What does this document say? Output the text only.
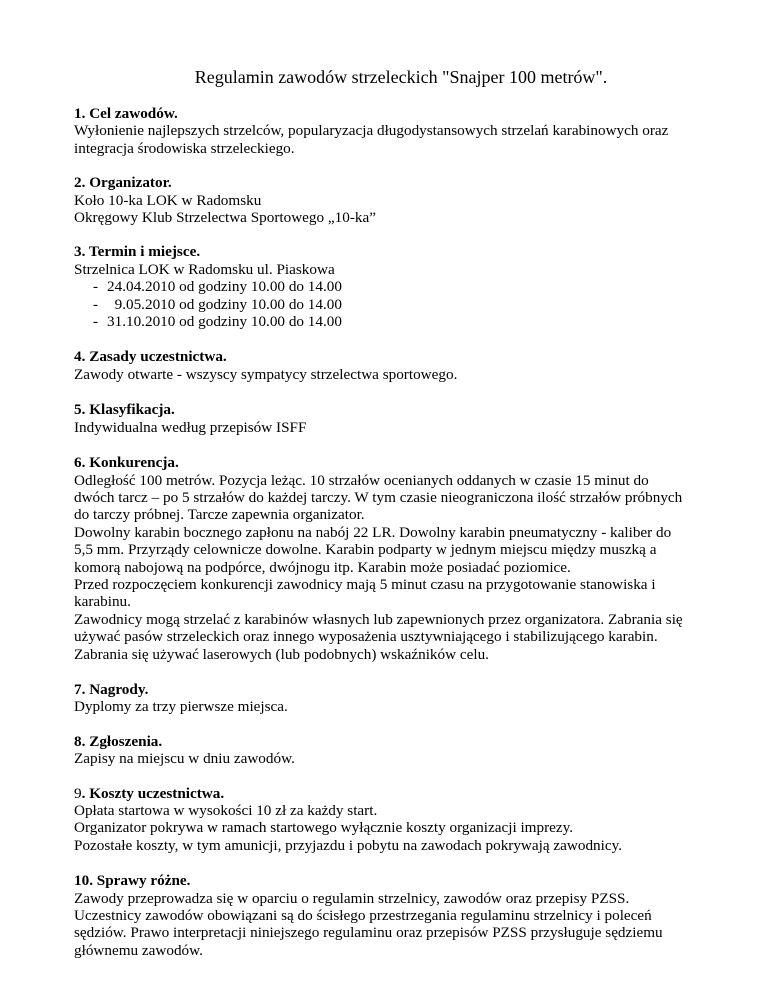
Regulamin zawodów strzeleckich "Snajper 100 metrów".

1. Cel zawodów.

Wyłonienie najlepszych strzelców, popularyzacja długodystansowych strzelań karabinowych oraz

integracja środowiska strzeleckiego.

2. Organizator.

Koło 10-ka LOK w Radomsku

Okręgowy Klub Strzelectwa Sportowego „10-ka”

3. Termin i miejsce.

Strzelnica LOK w Radomsku ul. Piaskowa

- 24.04.2010 od godziny 10.00 do 14.00
- 9.05.2010 od godziny 10.00 do 14.00
- 31.10.2010 od godziny 10.00 do 14.00

4. Zasady uczestnictwa.

Zawody otwarte - wszyscy sympatycy strzelectwa sportowego.

5. Klasyfikacja.

Indywidualna według przepisów ISFF

6. Konkurencja.

Odległość 100 metrów. Pozycja leżąc. 10 strzałów ocenianych oddanych w czasie 15 minut do

dwóch tarcz – po 5 strzałów do każdej tarczy. W tym czasie nieograniczona ilość strzałów próbnych

do tarczy próbnej. Tarcze zapewnia organizator.

Dowolny karabin bocznego zapłonu na nabój 22 LR. Dowolny karabin pneumatyczny - kaliber do

5,5 mm. Przyrządy celownicze dowolne. Karabin podparty w jednym miejscu między muszką a

komorą nabojową na podpórce, dwójnogu itp. Karabin może posiadać poziomice.

Przed rozpoczęciem konkurencji zawodnicy mają 5 minut czasu na przygotowanie stanowiska i

karabinu.

Zawodnicy mogą strzelać z karabinów własnych lub zapewnionych przez organizatora. Zabrania się

używać pasów strzeleckich oraz innego wyposażenia usztywniającego i stabilizującego karabin.

Zabrania się używać laserowych (lub podobnych) wskaźników celu.

7. Nagrody.

Dyplomy za trzy pierwsze miejsca.

8. Zgłoszenia.

Zapisy na miejscu w dniu zawodów.

9. Koszty uczestnictwa.

Opłata startowa w wysokości 10 zł za każdy start.

Organizator pokrywa w ramach startowego wyłącznie koszty organizacji imprezy.

Pozostałe koszty, w tym amunicji, przyjazdu i pobytu na zawodach pokrywają zawodnicy.

10. Sprawy różne.

Zawody przeprowadza się w oparciu o regulamin strzelnicy, zawodów oraz przepisy PZSS.

Uczestnicy zawodów obowiązani są do ścisłego przestrzegania regulaminu strzelnicy i poleceń

sędziów. Prawo interpretacji niniejszego regulaminu oraz przepisów PZSS przysługuje sędziemu

głównemu zawodów.
